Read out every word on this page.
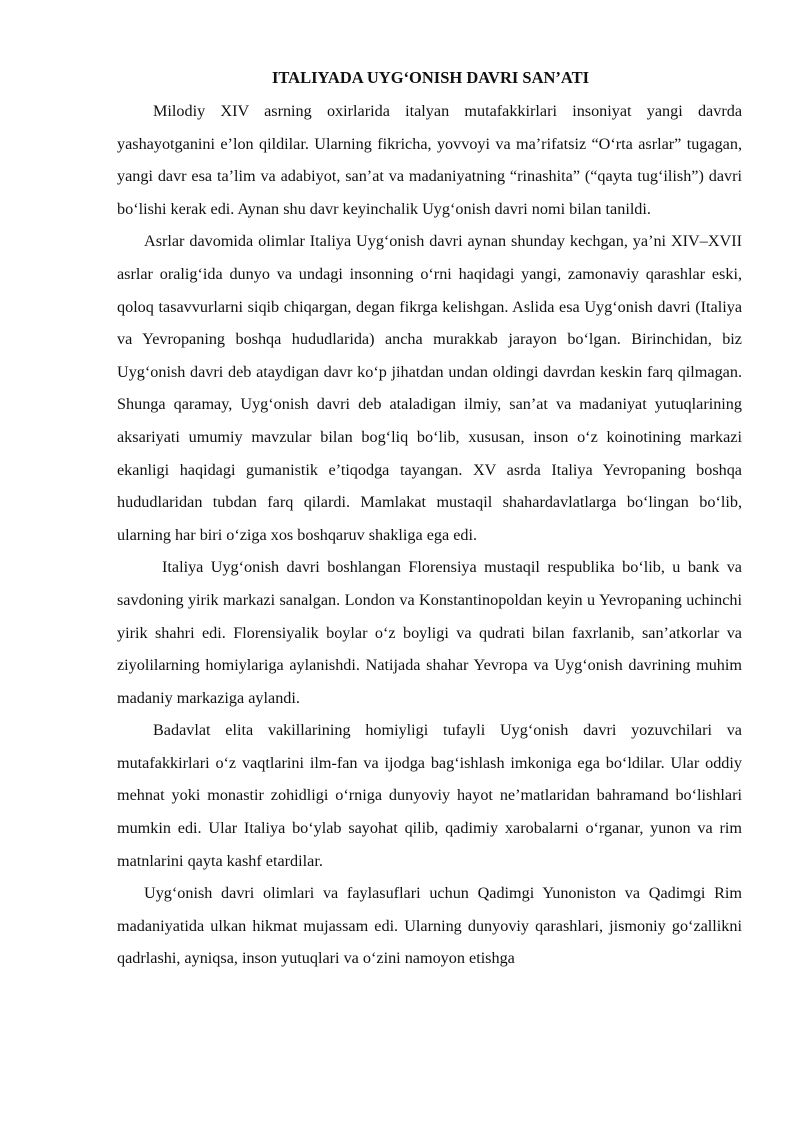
ITALIYADA UYG‘ONISH DAVRI SAN’ATI

Milodiy XIV asrning oxirlarida italyan mutafakkirlari insoniyat yangi davrda yashayotganini e’lon qildilar. Ularning fikricha, yovvoyi va ma’rifatsiz “O‘rta asrlar” tugagan, yangi davr esa ta’lim va adabiyot, san’at va madaniyatning “rinashita” (“qayta tug‘ilish”) davri bo‘lishi kerak edi. Aynan shu davr keyinchalik Uyg‘onish davri nomi bilan tanildi.

Asrlar davomida olimlar Italiya Uyg‘onish davri aynan shunday kechgan, ya’ni XIV–XVII asrlar oralig‘ida dunyo va undagi insonning o‘rni haqidagi yangi, zamonaviy qarashlar eski, qoloq tasavvurlarni siqib chiqargan, degan fikrga kelishgan. Aslida esa Uyg‘onish davri (Italiya va Yevropaning boshqa hududlarida) ancha murakkab jarayon bo‘lgan. Birinchidan, biz Uyg‘onish davri deb ataydigan davr ko‘p jihatdan undan oldingi davrdan keskin farq qilmagan. Shunga qaramay, Uyg‘onish davri deb ataladigan ilmiy, san’at va madaniyat yutuqlarining aksariyati umumiy mavzular bilan bog‘liq bo‘lib, xususan, inson o‘z koinotining markazi ekanligi haqidagi gumanistik e’tiqodga tayangan. XV asrda Italiya Yevropaning boshqa hududlaridan tubdan farq qilardi. Mamlakat mustaqil shahardavlatlarga bo‘lingan bo‘lib, ularning har biri o‘ziga xos boshqaruv shakliga ega edi.

Italiya Uyg‘onish davri boshlangan Florensiya mustaqil respublika bo‘lib, u bank va savdoning yirik markazi sanalgan. London va Konstantinopoldan keyin u Yevropaning uchinchi yirik shahri edi. Florensiyalik boylar o‘z boyligi va qudrati bilan faxrlanib, san’atkorlar va ziyolilarning homiylariga aylanishdi. Natijada shahar Yevropa va Uyg‘onish davrining muhim madaniy markaziga aylandi.

Badavlat elita vakillarining homiyligi tufayli Uyg‘onish davri yozuvchilari va mutafakkirlari o‘z vaqtlarini ilm-fan va ijodga bag‘ishlash imkoniga ega bo‘ldilar. Ular oddiy mehnat yoki monastir zohidligi o‘rniga dunyoviy hayot ne’matlaridan bahramand bo‘lishlari mumkin edi. Ular Italiya bo‘ylab sayohat qilib, qadimiy xarobalarni o‘rganar, yunon va rim matnlarini qayta kashf etardilar.

Uyg‘onish davri olimlari va faylasuflari uchun Qadimgi Yunoniston va Qadimgi Rim madaniyatida ulkan hikmat mujassam edi. Ularning dunyoviy qarashlari, jismoniy go‘zallikni qadrlashi, ayniqsa, inson yutuqlari va o‘zini namoyon etishga
